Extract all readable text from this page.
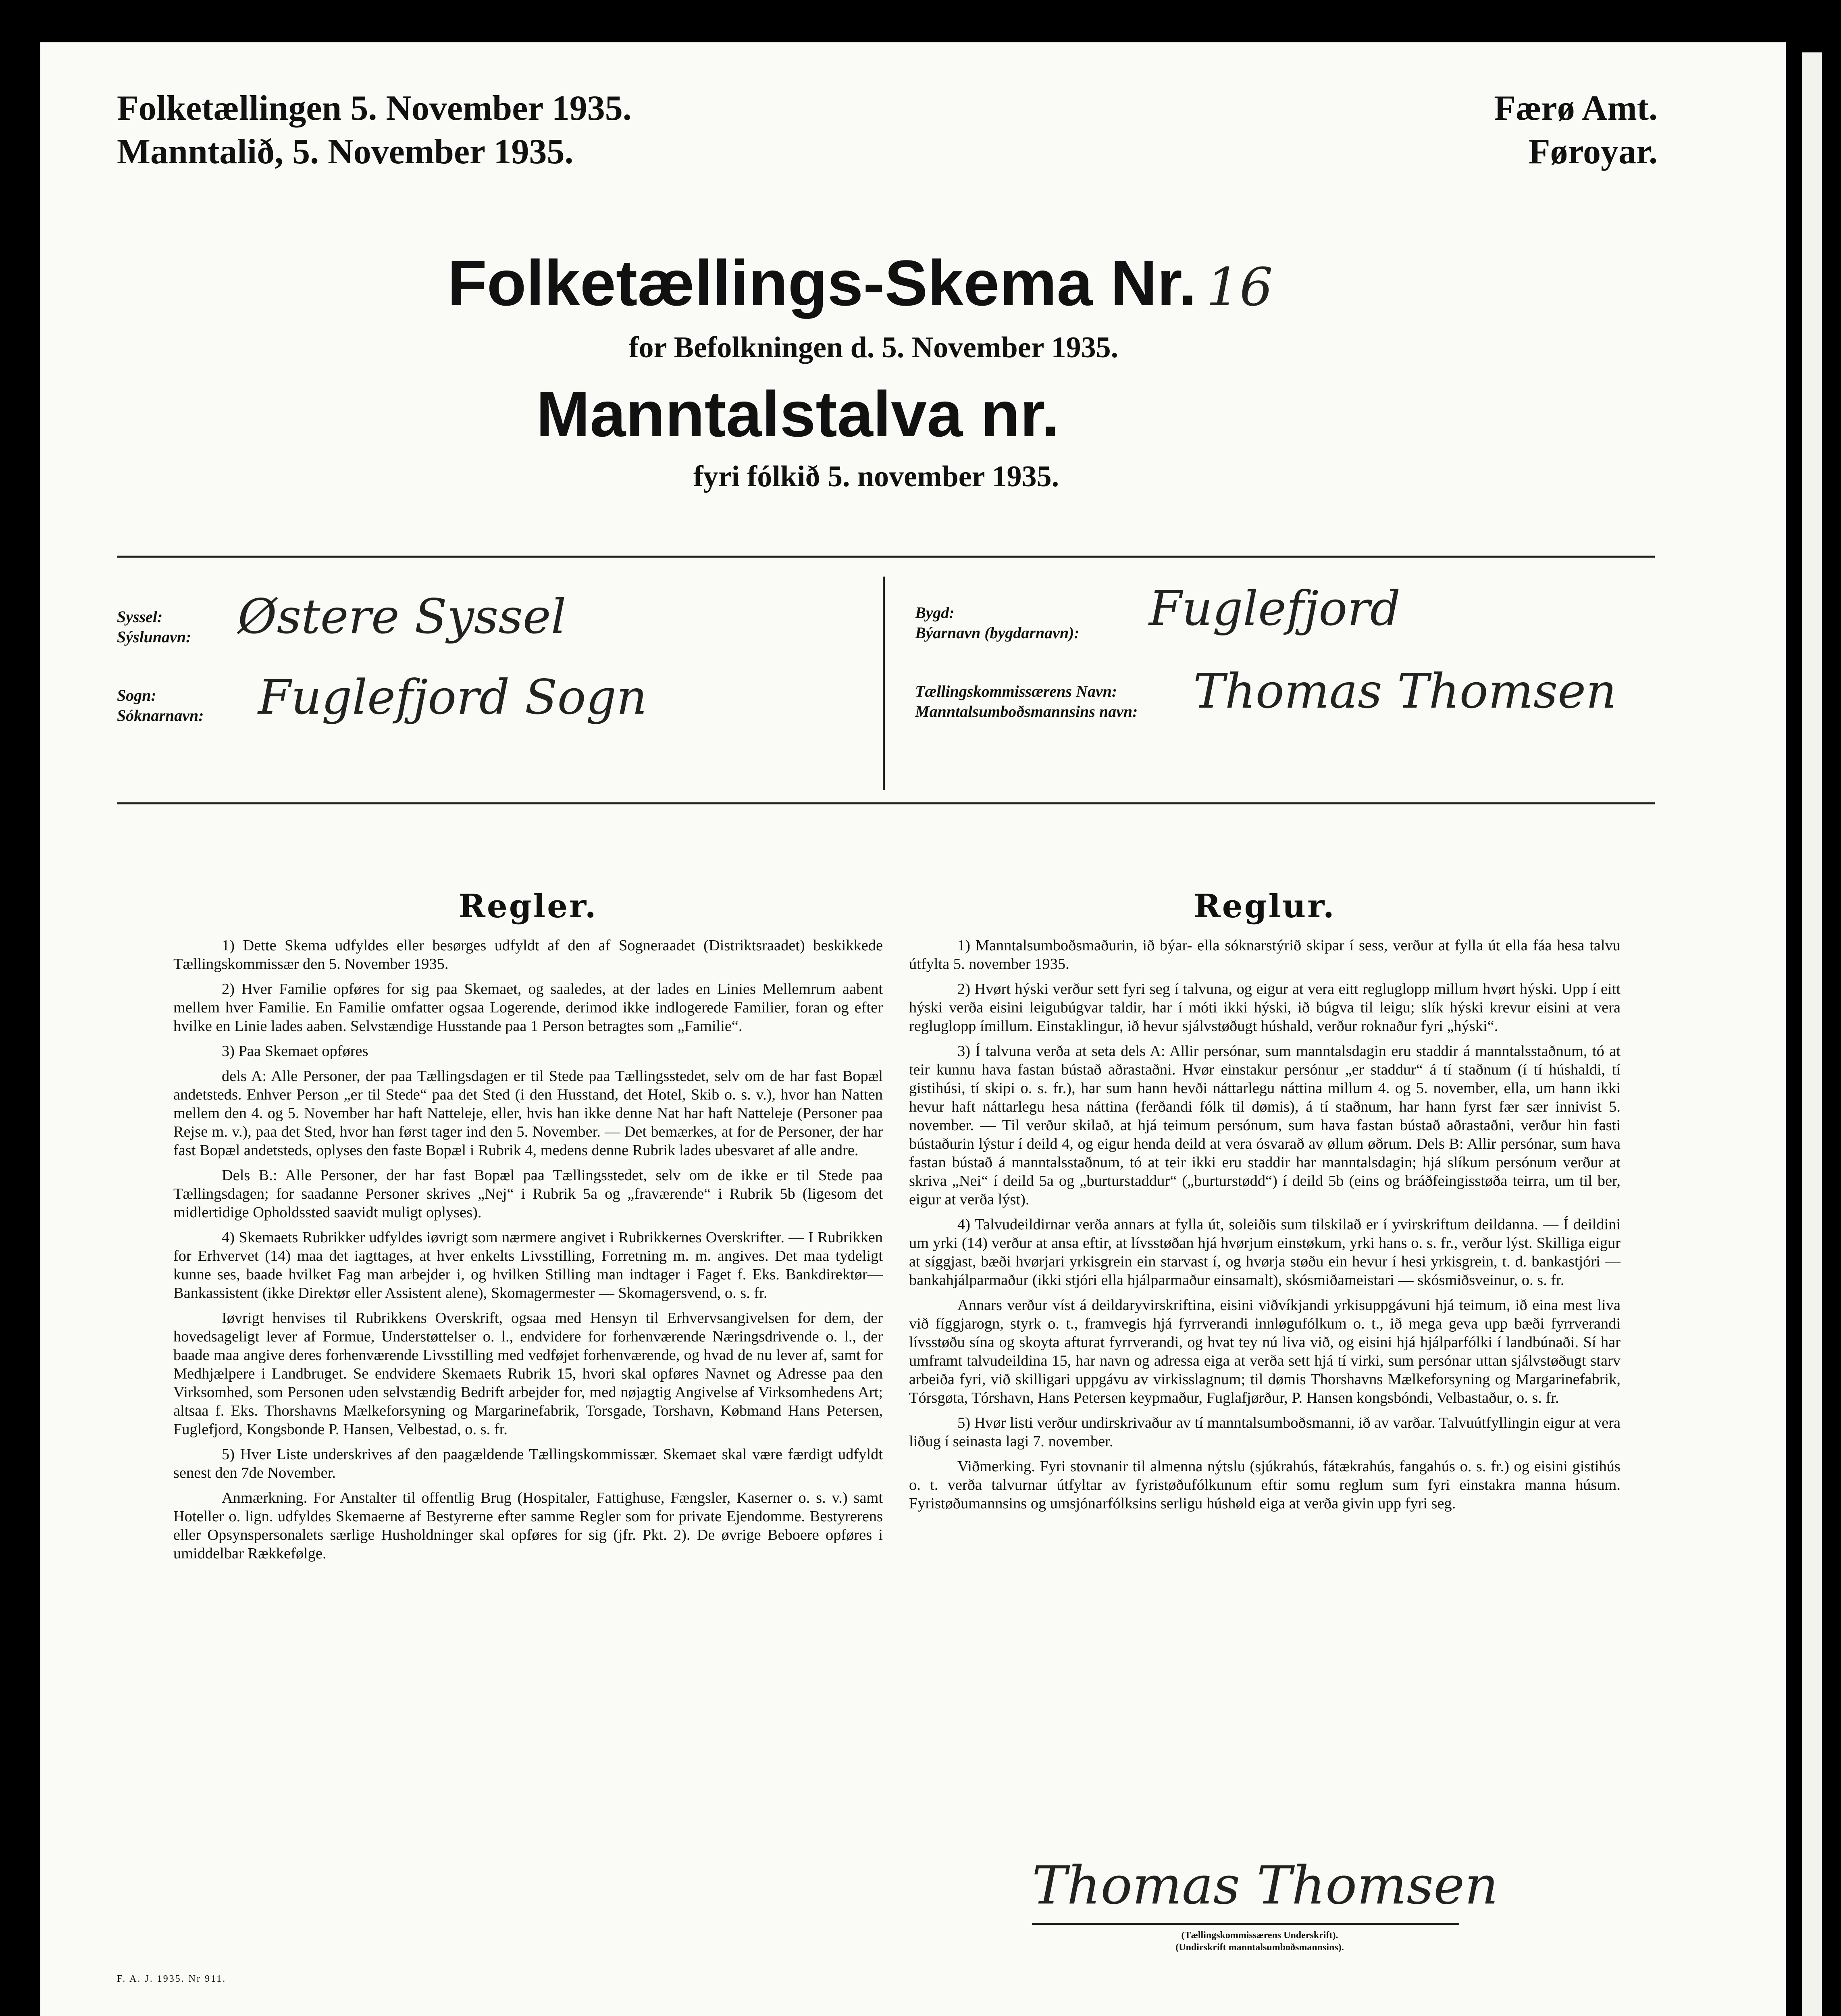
Folketællingen 5. November 1935.
Manntalið, 5. November 1935.
Færø Amt.
Føroyar.
Folketællings-Skema Nr. 16
for Befolkningen d. 5. November 1935.
Manntalstalva nr.
fyri fólkið 5. november 1935.
Syssel:
Sýslunavn: Østere Syssel
Sogn:
Sóknarnavn: Fuglefjord Sogn
Bygd:
Býarnavn (bygdarnavn): Fuglefjord
Tællingskommissærens Navn:
Manntalsumboðsmannsins navn: Thomas Thomsen
Regler.

1) Dette Skema udfyldes eller besørges udfyldt af den af Sogneraadet (Distriktsraadet) beskikkede Tællingskommissær den 5. November 1935.

2) Hver Familie opføres for sig paa Skemaet, og saaledes, at der lades en Linies Mellemrum aabent mellem hver Familie. En Familie omfatter ogsaa Logerende, derimod ikke indlogerede Familier, foran og efter hvilke en Linie lades aaben. Selvstændige Husstande paa 1 Person betragtes som „Familie“.

3) Paa Skemaet opføres

dels A: Alle Personer, der paa Tællingsdagen er til Stede paa Tællingsstedet, selv om de har fast Bopæl andetsteds. Enhver Person „er til Stede“ paa det Sted (i den Husstand, det Hotel, Skib o. s. v.), hvor han Natten mellem den 4. og 5. November har haft Natteleje, eller, hvis han ikke denne Nat har haft Natteleje (Personer paa Rejse m. v.), paa det Sted, hvor han først tager ind den 5. November. — Det bemærkes, at for de Personer, der har fast Bopæl andetsteds, oplyses den faste Bopæl i Rubrik 4, medens denne Rubrik lades ubesvaret af alle andre.

Dels B.: Alle Personer, der har fast Bopæl paa Tællingsstedet, selv om de ikke er til Stede paa Tællingsdagen; for saadanne Personer skrives „Nej“ i Rubrik 5a og „fraværende“ i Rubrik 5b (ligesom det midlertidige Opholdssted saavidt muligt oplyses).

4) Skemaets Rubrikker udfyldes iøvrigt som nærmere angivet i Rubrikkernes Overskrifter. — I Rubrikken for Erhvervet (14) maa det iagttages, at hver enkelts Livsstilling, Forretning m. m. angives. Det maa tydeligt kunne ses, baade hvilket Fag man arbejder i, og hvilken Stilling man indtager i Faget f. Eks. Bankdirektør—Bankassistent (ikke Direktør eller Assistent alene), Skomagermester — Skomagersvend, o. s. fr.

Iøvrigt henvises til Rubrikkens Overskrift, ogsaa med Hensyn til Erhvervsangivelsen for dem, der hovedsageligt lever af Formue, Understøttelser o. l., endvidere for forhenværende Næringsdrivende o. l., der baade maa angive deres forhenværende Livsstilling med vedføjet forhenværende, og hvad de nu lever af, samt for Medhjælpere i Landbruget. Se endvidere Skemaets Rubrik 15, hvori skal opføres Navnet og Adresse paa den Virksomhed, som Personen uden selvstændig Bedrift arbejder for, med nøjagtig Angivelse af Virksomhedens Art; altsaa f. Eks. Thorshavns Mælkeforsyning og Margarinefabrik, Torsgade, Torshavn, Købmand Hans Petersen, Fuglefjord, Kongsbonde P. Hansen, Velbestad, o. s. fr.

5) Hver Liste underskrives af den paagældende Tællingskommissær. Skemaet skal være færdigt udfyldt senest den 7de November.

Anmærkning. For Anstalter til offentlig Brug (Hospitaler, Fattighuse, Fængsler, Kaserner o. s. v.) samt Hoteller o. lign. udfyldes Skemaerne af Bestyrerne efter samme Regler som for private Ejendomme. Bestyrerens eller Opsynspersonalets særlige Husholdninger skal opføres for sig (jfr. Pkt. 2). De øvrige Beboere opføres i umiddelbar Rækkefølge.

Reglur.

1) Manntalsumboðsmaðurin, ið býar- ella sóknarstýrið skipar í sess, verður at fylla út ella fáa hesa talvu útfylta 5. november 1935.

2) Hvørt hýski verður sett fyri seg í talvuna, og eigur at vera eitt regluglopp millum hvørt hýski. Upp í eitt hýski verða eisini leigubúgvar taldir, har í móti ikki hýski, ið búgva til leigu; slík hýski krevur eisini at vera regluglopp ímillum. Einstaklingur, ið hevur sjálvstøðugt húshald, verður roknaður fyri „hýski“.

3) Í talvuna verða at seta dels A: Allir persónar, sum manntalsdagin eru staddir á manntalsstaðnum, tó at teir kunnu hava fastan bústað aðrastaðni. Hvør einstakur persónur „er staddur“ á tí staðnum (í tí húshaldi, tí gistihúsi, tí skipi o. s. fr.), har sum hann hevði náttarlegu náttina millum 4. og 5. november, ella, um hann ikki hevur haft náttarlegu hesa náttina (ferðandi fólk til dømis), á tí staðnum, har hann fyrst fær sær innivist 5. november. — Til verður skilað, at hjá teimum persónum, sum hava fastan bústað aðrastaðni, verður hin fasti bústaðurin lýstur í deild 4, og eigur henda deild at vera ósvarað av øllum øðrum. Dels B: Allir persónar, sum hava fastan bústað á manntalsstaðnum, tó at teir ikki eru staddir har manntalsdagin; hjá slíkum persónum verður at skriva „Nei“ í deild 5a og „burturstaddur“ („burturstødd“) í deild 5b (eins og bráðfeingisstøða teirra, um til ber, eigur at verða lýst).

4) Talvudeildirnar verða annars at fylla út, soleiðis sum tilskilað er í yvirskriftum deildanna. — Í deildini um yrki (14) verður at ansa eftir, at lívsstøðan hjá hvørjum einstøkum, yrki hans o. s. fr., verður lýst. Skilliga eigur at síggjast, bæði hvørjari yrkisgrein ein starvast í, og hvørja støðu ein hevur í hesi yrkisgrein, t. d. bankastjóri — bankahjálparmaður (ikki stjóri ella hjálparmaður einsamalt), skósmiðameistari — skósmiðsveinur, o. s. fr.

Annars verður víst á deildaryvirskriftina, eisini viðvíkjandi yrkisuppgávuni hjá teimum, ið eina mest liva við fíggjarogn, styrk o. t., framvegis hjá fyrrverandi innløgufólkum o. t., ið mega geva upp bæði fyrrverandi lívsstøðu sína og skoyta afturat fyrrverandi, og hvat tey nú liva við, og eisini hjá hjálparfólki í landbúnaði. Sí har umframt talvudeildina 15, har navn og adressa eiga at verða sett hjá tí virki, sum persónar uttan sjálvstøðugt starv arbeiða fyri, við skilligari uppgávu av virkisslagnum; til dømis Thorshavns Mælkeforsyning og Margarinefabrik, Tórsgøta, Tórshavn, Hans Petersen keypmaður, Fuglafjørður, P. Hansen kongsbóndi, Velbastaður, o. s. fr.

5) Hvør listi verður undirskrivaður av tí manntalsumboðsmanni, ið av varðar. Talvuútfyllingin eigur at vera liðug í seinasta lagi 7. november.

Viðmerking. Fyri stovnanir til almenna nýtslu (sjúkrahús, fátækrahús, fangahús o. s. fr.) og eisini gistihús o. t. verða talvurnar útfyltar av fyristøðufólkunum eftir somu reglum sum fyri einstakra manna húsum. Fyristøðumannsins og umsjónarfólksins serligu húshøld eiga at verða givin upp fyri seg.

Thomas Thomsen
(Tællingskommissærens Underskrift).
(Undirskrift manntalsumboðsmannsins).
F. A. J. 1935. Nr 911.
